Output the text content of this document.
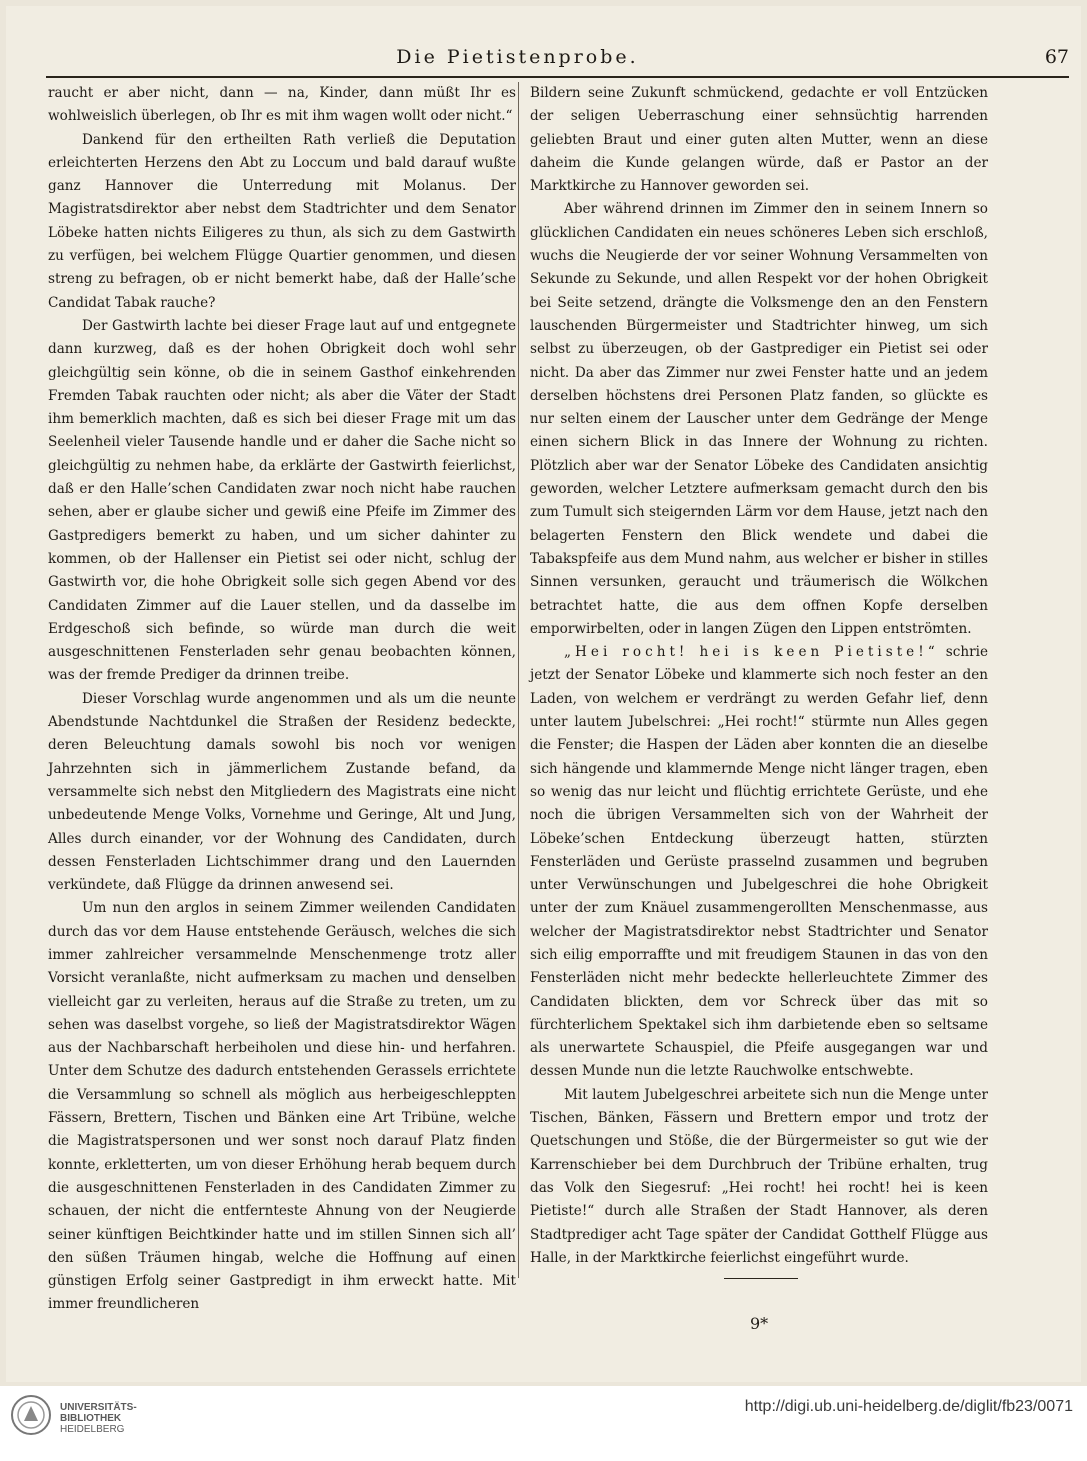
Die Pietistenprobe.	67

raucht er aber nicht, dann — na, Kinder, dann müßt Ihr es wohlweislich überlegen, ob Ihr es mit ihm wagen wollt oder nicht.“

Dankend für den ertheilten Rath verließ die Deputation erleichterten Herzens den Abt zu Loccum und bald darauf wußte ganz Hannover die Unterredung mit Molanus. Der Magistratsdirektor aber nebst dem Stadtrichter und dem Senator Löbeke hatten nichts Eiligeres zu thun, als sich zu dem Gastwirth zu verfügen, bei welchem Flügge Quartier genommen, und diesen streng zu befragen, ob er nicht bemerkt habe, daß der Halle’sche Candidat Tabak rauche?

Der Gastwirth lachte bei dieser Frage laut auf und entgegnete dann kurzweg, daß es der hohen Obrigkeit doch wohl sehr gleichgültig sein könne, ob die in seinem Gasthof einkehrenden Fremden Tabak rauchten oder nicht; als aber die Väter der Stadt ihm bemerklich machten, daß es sich bei dieser Frage mit um das Seelenheil vieler Tausende handle und er daher die Sache nicht so gleichgültig zu nehmen habe, da erklärte der Gastwirth feierlichst, daß er den Halle’schen Candidaten zwar noch nicht habe rauchen sehen, aber er glaube sicher und gewiß eine Pfeife im Zimmer des Gastpredigers bemerkt zu haben, und um sicher dahinter zu kommen, ob der Hallenser ein Pietist sei oder nicht, schlug der Gastwirth vor, die hohe Obrigkeit solle sich gegen Abend vor des Candidaten Zimmer auf die Lauer stellen, und da dasselbe im Erdgeschoß sich befinde, so würde man durch die weit ausgeschnittenen Fensterladen sehr genau beobachten können, was der fremde Prediger da drinnen treibe.

Dieser Vorschlag wurde angenommen und als um die neunte Abendstunde Nachtdunkel die Straßen der Residenz bedeckte, deren Beleuchtung damals sowohl bis noch vor wenigen Jahrzehnten sich in jämmerlichem Zustande befand, da versammelte sich nebst den Mitgliedern des Magistrats eine nicht unbedeutende Menge Volks, Vornehme und Geringe, Alt und Jung, Alles durch einander, vor der Wohnung des Candidaten, durch dessen Fensterladen Lichtschimmer drang und den Lauernden verkündete, daß Flügge da drinnen anwesend sei.

Um nun den arglos in seinem Zimmer weilenden Candidaten durch das vor dem Hause entstehende Geräusch, welches die sich immer zahlreicher versammelnde Menschenmenge trotz aller Vorsicht veranlaßte, nicht aufmerksam zu machen und denselben vielleicht gar zu verleiten, heraus auf die Straße zu treten, um zu sehen was daselbst vorgehe, so ließ der Magistratsdirektor Wägen aus der Nachbarschaft herbeiholen und diese hin- und herfahren. Unter dem Schutze des dadurch entstehenden Gerassels errichtete die Versammlung so schnell als möglich aus herbeigeschleppten Fässern, Brettern, Tischen und Bänken eine Art Tribüne, welche die Magistratspersonen und wer sonst noch darauf Platz finden konnte, erkletterten, um von dieser Erhöhung herab bequem durch die ausgeschnittenen Fensterladen in des Candidaten Zimmer zu schauen, der nicht die entfernteste Ahnung von der Neugierde seiner künftigen Beichtkinder hatte und im stillen Sinnen sich all’ den süßen Träumen hingab, welche die Hoffnung auf einen günstigen Erfolg seiner Gastpredigt in ihm erweckt hatte. Mit immer freundlicheren

Bildern seine Zukunft schmückend, gedachte er voll Entzücken der seligen Ueberraschung einer sehnsüchtig harrenden geliebten Braut und einer guten alten Mutter, wenn an diese daheim die Kunde gelangen würde, daß er Pastor an der Marktkirche zu Hannover geworden sei.

Aber während drinnen im Zimmer den in seinem Innern so glücklichen Candidaten ein neues schöneres Leben sich erschloß, wuchs die Neugierde der vor seiner Wohnung Versammelten von Sekunde zu Sekunde, und allen Respekt vor der hohen Obrigkeit bei Seite setzend, drängte die Volksmenge den an den Fenstern lauschenden Bürgermeister und Stadtrichter hinweg, um sich selbst zu überzeugen, ob der Gastprediger ein Pietist sei oder nicht. Da aber das Zimmer nur zwei Fenster hatte und an jedem derselben höchstens drei Personen Platz fanden, so glückte es nur selten einem der Lauscher unter dem Gedränge der Menge einen sichern Blick in das Innere der Wohnung zu richten. Plötzlich aber war der Senator Löbeke des Candidaten ansichtig geworden, welcher Letztere aufmerksam gemacht durch den bis zum Tumult sich steigernden Lärm vor dem Hause, jetzt nach den belagerten Fenstern den Blick wendete und dabei die Tabakspfeife aus dem Mund nahm, aus welcher er bisher in stilles Sinnen versunken, geraucht und träumerisch die Wölkchen betrachtet hatte, die aus dem offnen Kopfe derselben emporwirbelten, oder in langen Zügen den Lippen entströmten.

„Hei rocht! hei is keen Pietiste!“ schrie jetzt der Senator Löbeke und klammerte sich noch fester an den Laden, von welchem er verdrängt zu werden Gefahr lief, denn unter lautem Jubelschrei: „Hei rocht!“ stürmte nun Alles gegen die Fenster; die Haspen der Läden aber konnten die an dieselbe sich hängende und klammernde Menge nicht länger tragen, eben so wenig das nur leicht und flüchtig errichtete Gerüste, und ehe noch die übrigen Versammelten sich von der Wahrheit der Löbeke’schen Entdeckung überzeugt hatten, stürzten Fensterläden und Gerüste prasselnd zusammen und begruben unter Verwünschungen und Jubelgeschrei die hohe Obrigkeit unter der zum Knäuel zusammengerollten Menschenmasse, aus welcher der Magistratsdirektor nebst Stadtrichter und Senator sich eilig emporraffte und mit freudigem Staunen in das von den Fensterläden nicht mehr bedeckte hellerleuchtete Zimmer des Candidaten blickten, dem vor Schreck über das mit so fürchterlichem Spektakel sich ihm darbietende eben so seltsame als unerwartete Schauspiel, die Pfeife ausgegangen war und dessen Munde nun die letzte Rauchwolke entschwebte.

Mit lautem Jubelgeschrei arbeitete sich nun die Menge unter Tischen, Bänken, Fässern und Brettern empor und trotz der Quetschungen und Stöße, die der Bürgermeister so gut wie der Karrenschieber bei dem Durchbruch der Tribüne erhalten, trug das Volk den Siegesruf: „Hei rocht! hei rocht! hei is keen Pietiste!“ durch alle Straßen der Stadt Hannover, als deren Stadtprediger acht Tage später der Candidat Gotthelf Flügge aus Halle, in der Marktkirche feierlichst eingeführt wurde.

9*
UNIVERSITÄTS-
BIBLIOTHEK
HEIDELBERG
http://digi.ub.uni-heidelberg.de/diglit/fb23/0071
